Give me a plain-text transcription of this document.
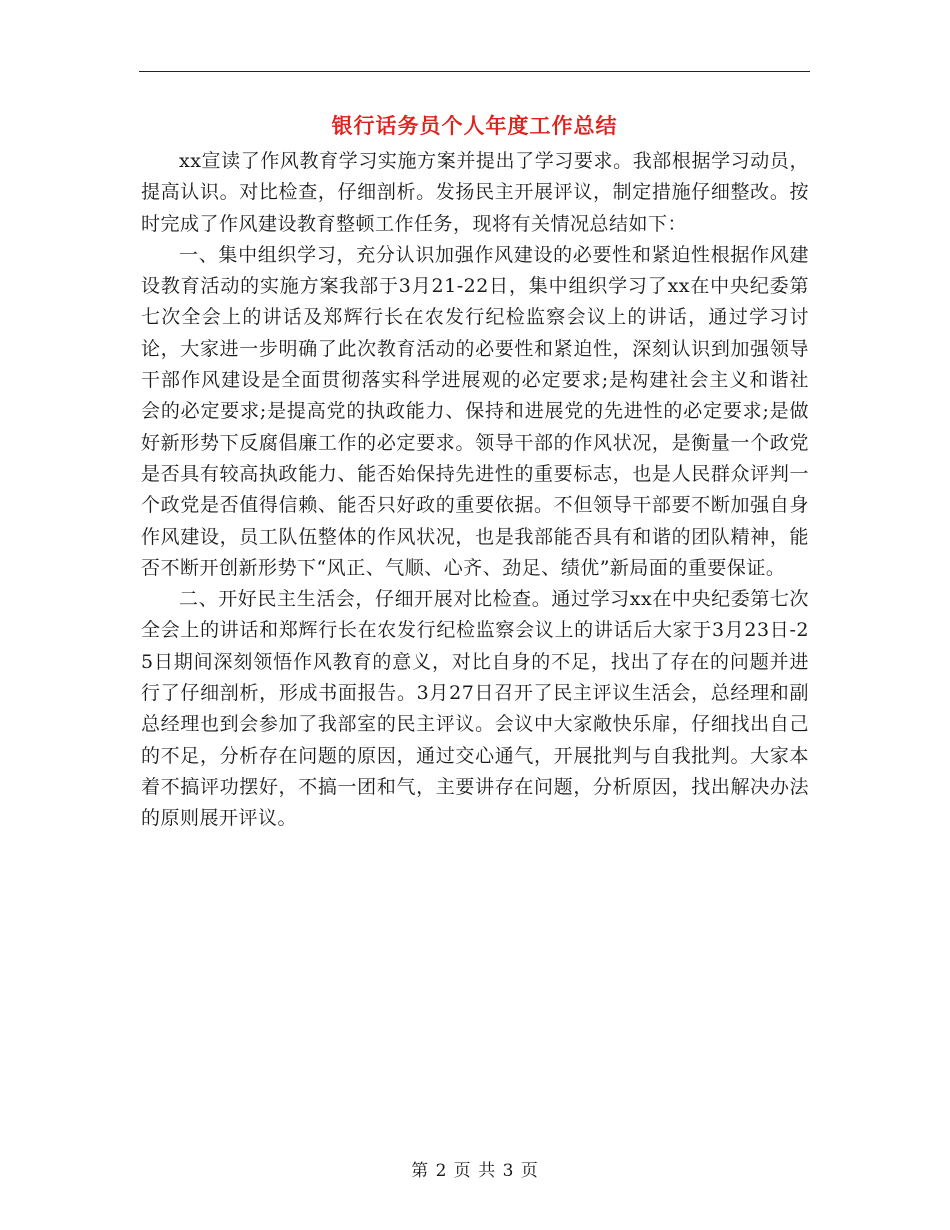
银行话务员个人年度工作总结

xx宣读了作风教育学习实施方案并提出了学习要求。我部根据学习动员，提高认识。对比检查，仔细剖析。发扬民主开展评议，制定措施仔细整改。按时完成了作风建设教育整顿工作任务，现将有关情况总结如下：

一、集中组织学习，充分认识加强作风建设的必要性和紧迫性根据作风建设教育活动的实施方案我部于3月21-22日，集中组织学习了xx在中央纪委第七次全会上的讲话及郑辉行长在农发行纪检监察会议上的讲话，通过学习讨论，大家进一步明确了此次教育活动的必要性和紧迫性，深刻认识到加强领导干部作风建设是全面贯彻落实科学进展观的必定要求;是构建社会主义和谐社会的必定要求;是提高党的执政能力、保持和进展党的先进性的必定要求;是做好新形势下反腐倡廉工作的必定要求。领导干部的作风状况，是衡量一个政党是否具有较高执政能力、能否始保持先进性的重要标志，也是人民群众评判一个政党是否值得信赖、能否只好政的重要依据。不但领导干部要不断加强自身作风建设，员工队伍整体的作风状况，也是我部能否具有和谐的团队精神，能否不断开创新形势下“风正、气顺、心齐、劲足、绩优”新局面的重要保证。

二、开好民主生活会，仔细开展对比检查。通过学习xx在中央纪委第七次全会上的讲话和郑辉行长在农发行纪检监察会议上的讲话后大家于3月23日-25日期间深刻领悟作风教育的意义，对比自身的不足，找出了存在的问题并进行了仔细剖析，形成书面报告。3月27日召开了民主评议生活会，总经理和副总经理也到会参加了我部室的民主评议。会议中大家敞快乐扉，仔细找出自己的不足，分析存在问题的原因，通过交心通气，开展批判与自我批判。大家本着不搞评功摆好，不搞一团和气，主要讲存在问题，分析原因，找出解决办法的原则展开评议。

第 2 页 共 3 页
